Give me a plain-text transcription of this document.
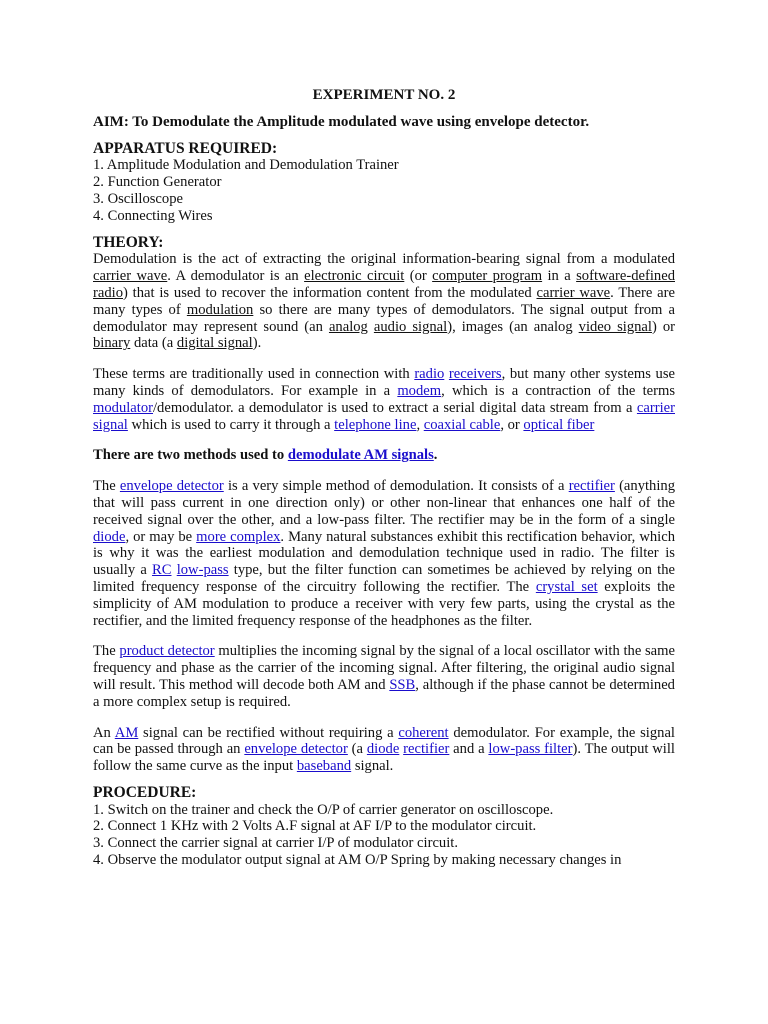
EXPERIMENT NO. 2
AIM: To Demodulate the Amplitude modulated wave using envelope detector.
APPARATUS REQUIRED:
1. Amplitude Modulation and Demodulation Trainer
2. Function Generator
3. Oscilloscope
4. Connecting Wires
THEORY:

Demodulation is the act of extracting the original information-bearing signal from a modulated carrier wave. A demodulator is an electronic circuit (or computer program in a software-defined radio) that is used to recover the information content from the modulated carrier wave. There are many types of modulation so there are many types of demodulators. The signal output from a demodulator may represent sound (an analog audio signal), images (an analog video signal) or binary data (a digital signal).

These terms are traditionally used in connection with radio receivers, but many other systems use many kinds of demodulators. For example in a modem, which is a contraction of the terms modulator/demodulator. a demodulator is used to extract a serial digital data stream from a carrier signal which is used to carry it through a telephone line, coaxial cable, or optical fiber

There are two methods used to demodulate AM signals.

The envelope detector is a very simple method of demodulation. It consists of a rectifier (anything that will pass current in one direction only) or other non-linear that enhances one half of the received signal over the other, and a low-pass filter. The rectifier may be in the form of a single diode, or may be more complex. Many natural substances exhibit this rectification behavior, which is why it was the earliest modulation and demodulation technique used in radio. The filter is usually a RC low-pass type, but the filter function can sometimes be achieved by relying on the limited frequency response of the circuitry following the rectifier. The crystal set exploits the simplicity of AM modulation to produce a receiver with very few parts, using the crystal as the rectifier, and the limited frequency response of the headphones as the filter.

The product detector multiplies the incoming signal by the signal of a local oscillator with the same frequency and phase as the carrier of the incoming signal. After filtering, the original audio signal will result. This method will decode both AM and SSB, although if the phase cannot be determined a more complex setup is required.

An AM signal can be rectified without requiring a coherent demodulator. For example, the signal can be passed through an envelope detector (a diode rectifier and a low-pass filter). The output will follow the same curve as the input baseband signal.

PROCEDURE:
1. Switch on the trainer and check the O/P of carrier generator on oscilloscope.
2. Connect 1 KHz with 2 Volts A.F signal at AF I/P to the modulator circuit.
3. Connect the carrier signal at carrier I/P of modulator circuit.
4. Observe the modulator output signal at AM O/P Spring by making necessary changes in
